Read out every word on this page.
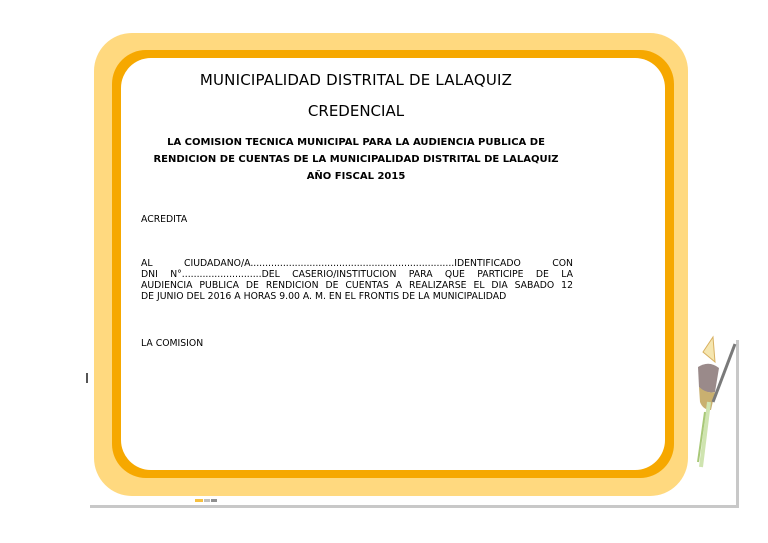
MUNICIPALIDAD DISTRITAL DE LALAQUIZ
CREDENCIAL
LA COMISION TECNICA MUNICIPAL PARA LA AUDIENCIA PUBLICA DE
RENDICION DE CUENTAS DE LA MUNICIPALIDAD DISTRITAL DE LALAQUIZ
AÑO FISCAL 2015
ACREDITA
AL CIUDADANO/A.....................................................................IDENTIFICADO CON
DNI N°...........................DEL CASERIO/INSTITUCION PARA QUE PARTICIPE DE LA
AUDIENCIA PUBLICA DE RENDICION DE CUENTAS A REALIZARSE EL DIA SABADO 12
DE JUNIO DEL 2016 A HORAS 9.00 A. M. EN EL FRONTIS DE LA MUNICIPALIDAD
LA COMISION
